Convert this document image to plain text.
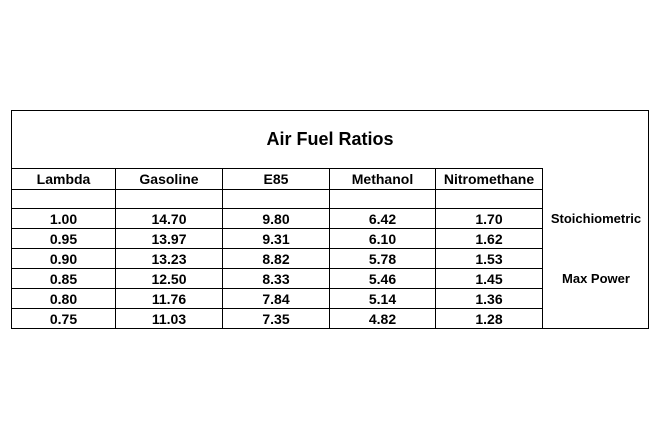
Air Fuel Ratios
Lambda	Gasoline	E85	Methanol	Nitromethane	

1.00	14.70	9.80	6.42	1.70	Stoichiometric
0.95	13.97	9.31	6.10	1.62	
0.90	13.23	8.82	5.78	1.53	
0.85	12.50	8.33	5.46	1.45	Max Power
0.80	11.76	7.84	5.14	1.36	
0.75	11.03	7.35	4.82	1.28	
